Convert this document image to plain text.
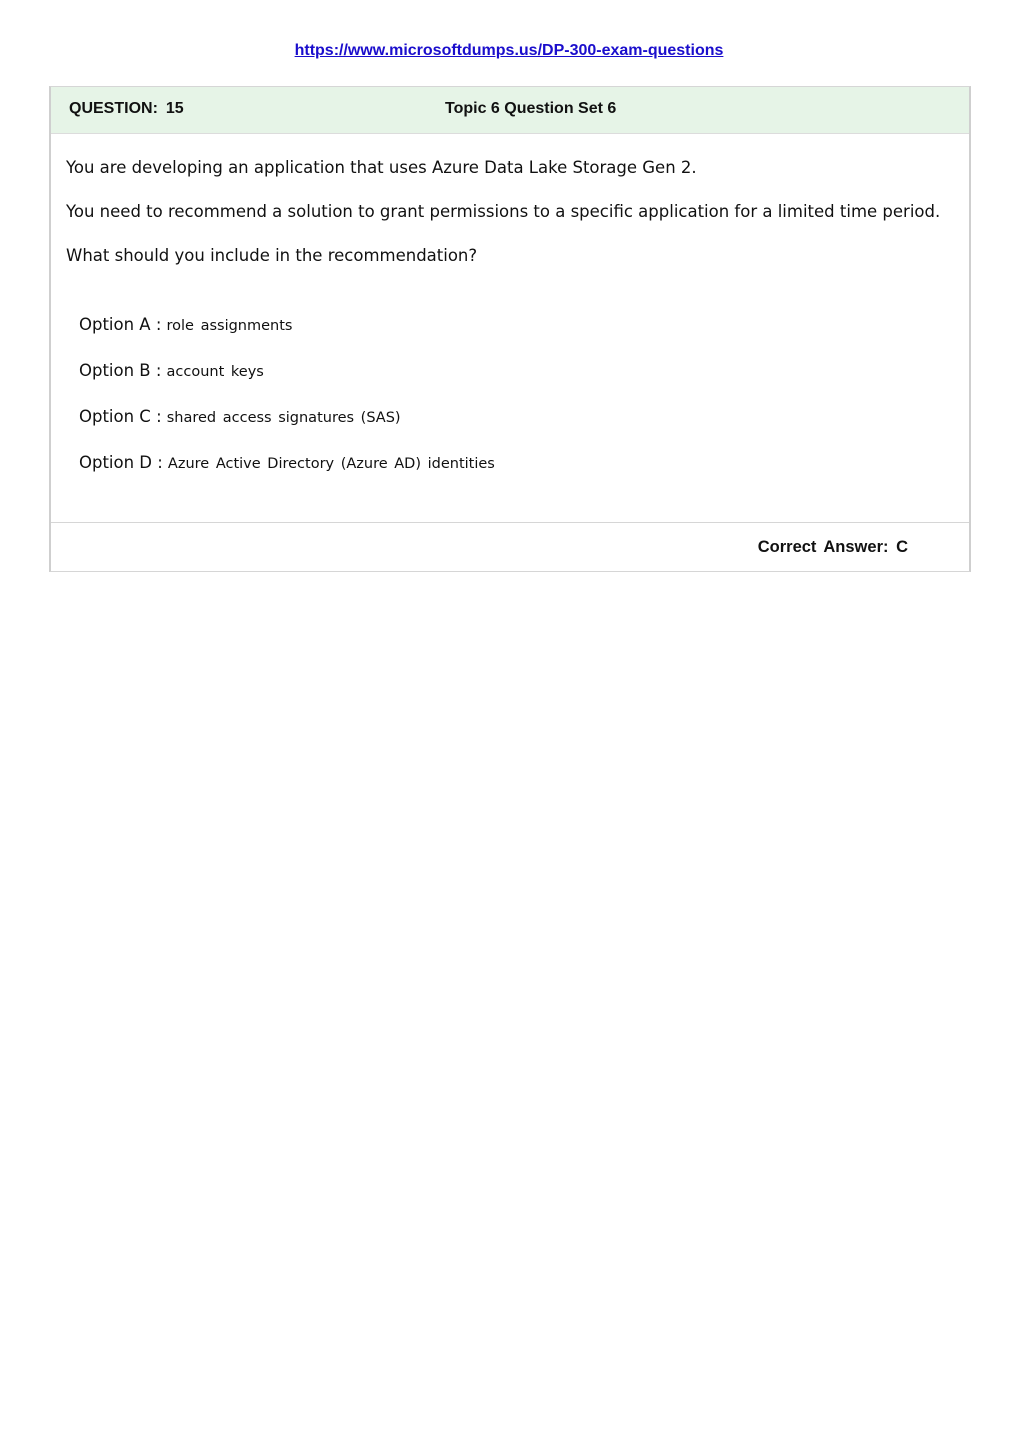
https://www.microsoftdumps.us/DP-300-exam-questions
QUESTION: 15	Topic 6 Question Set 6

You are developing an application that uses Azure Data Lake Storage Gen 2.

You need to recommend a solution to grant permissions to a specific application for a limited time period.

What should you include in the recommendation?

Option A : role assignments
Option B : account keys
Option C : shared access signatures (SAS)
Option D : Azure Active Directory (Azure AD) identities
Correct Answer: C
